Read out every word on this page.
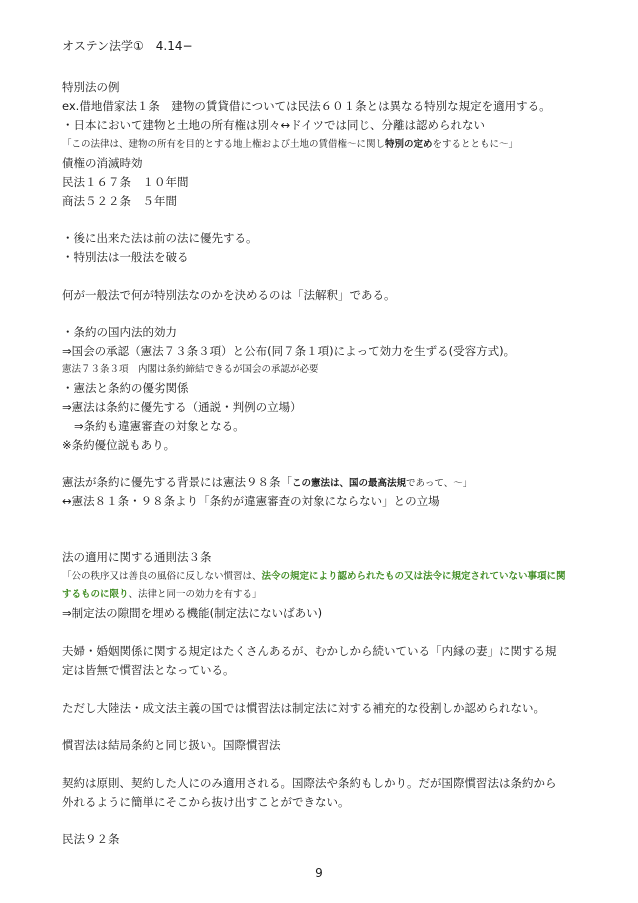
オステン法学①　4.14−
特別法の例
ex.借地借家法１条　建物の賃貸借については民法６０１条とは異なる特別な規定を適用する。
・日本において建物と土地の所有権は別々↔ドイツでは同じ、分離は認められない
「この法律は、建物の所有を目的とする地上権および土地の賃借権〜に関し特別の定めをするとともに〜」
債権の消滅時効
民法１６７条　１０年間
商法５２２条　５年間
・後に出来た法は前の法に優先する。
・特別法は一般法を破る
何が一般法で何が特別法なのかを決めるのは「法解釈」である。
・条約の国内法的効力
⇒国会の承認（憲法７３条３項）と公布(同７条１項)によって効力を生ずる(受容方式)。
憲法７３条３項　内閣は条約締結できるが国会の承認が必要
・憲法と条約の優劣関係
⇒憲法は条約に優先する（通説・判例の立場）
⇒条約も違憲審査の対象となる。
※条約優位説もあり。
憲法が条約に優先する背景には憲法９８条「この憲法は、国の最高法規であって、〜」
↔憲法８１条・９８条より「条約が違憲審査の対象にならない」との立場
法の適用に関する通則法３条
「公の秩序又は善良の風俗に反しない慣習は、法令の規定により認められたもの又は法令に規定されていない事項に関
するものに限り、法律と同一の効力を有する」
⇒制定法の隙間を埋める機能(制定法にないばあい)
夫婦・婚姻関係に関する規定はたくさんあるが、むかしから続いている「内縁の妻」に関する規
定は皆無で慣習法となっている。
ただし大陸法・成文法主義の国では慣習法は制定法に対する補充的な役割しか認められない。
慣習法は結局条約と同じ扱い。国際慣習法
契約は原則、契約した人にのみ適用される。国際法や条約もしかり。だが国際慣習法は条約から
外れるように簡単にそこから抜け出すことができない。
民法９２条
9
